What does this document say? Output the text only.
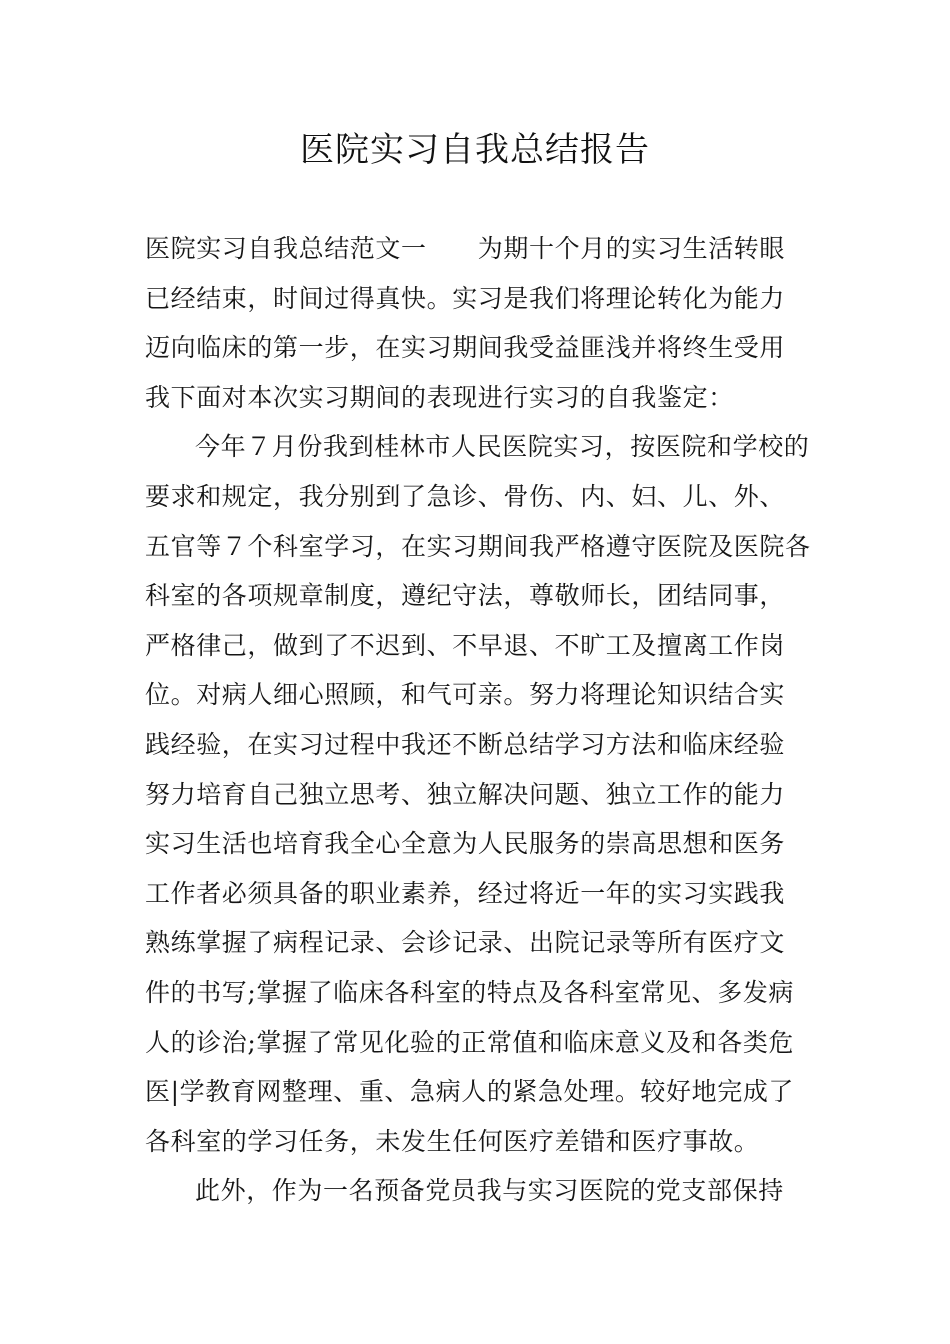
医院实习自我总结报告
医院实习自我总结范文一　　为期十个月的实习生活转眼
已经结束，时间过得真快。实习是我们将理论转化为能力
迈向临床的第一步，在实习期间我受益匪浅并将终生受用
我下面对本次实习期间的表现进行实习的自我鉴定：
今年７月份我到桂林市人民医院实习，按医院和学校的
要求和规定，我分别到了急诊、骨伤、内、妇、儿、外、
五官等７个科室学习，在实习期间我严格遵守医院及医院各
科室的各项规章制度，遵纪守法，尊敬师长，团结同事，
严格律己，做到了不迟到、不早退、不旷工及擅离工作岗
位。对病人细心照顾，和气可亲。努力将理论知识结合实
践经验，在实习过程中我还不断总结学习方法和临床经验
努力培育自己独立思考、独立解决问题、独立工作的能力
实习生活也培育我全心全意为人民服务的崇高思想和医务
工作者必须具备的职业素养，经过将近一年的实习实践我
熟练掌握了病程记录、会诊记录、出院记录等所有医疗文
件的书写;掌握了临床各科室的特点及各科室常见、多发病
人的诊治;掌握了常见化验的正常值和临床意义及和各类危
医|学教育网整理、重、急病人的紧急处理。较好地完成了
各科室的学习任务，未发生任何医疗差错和医疗事故。
此外，作为一名预备党员我与实习医院的党支部保持
